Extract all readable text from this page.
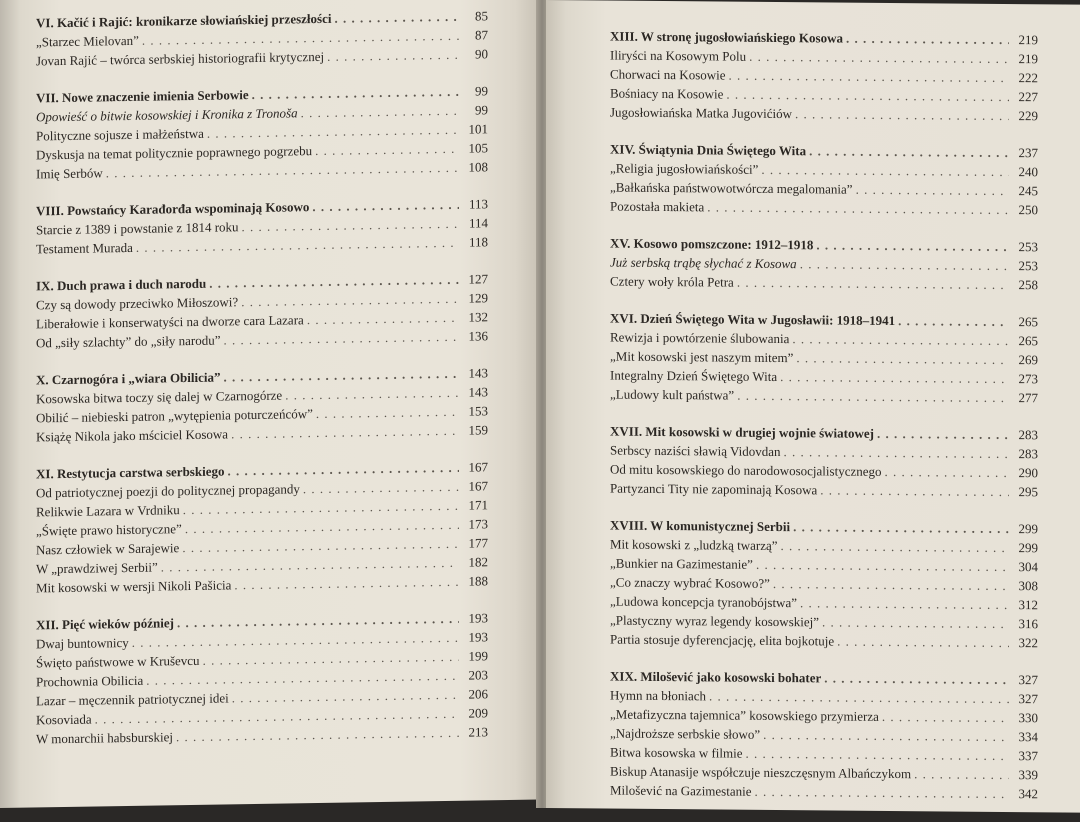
VI. Kačić i Rajić: kronikarze słowiańskiej przeszłości . . .	85
„Starzec Mielovan” . . .	87
Jovan Rajić – twórca serbskiej historiografii krytycznej . . .	90
VII. Nowe znaczenie imienia Serbowie . . .	99
Opowieść o bitwie kosowskiej i Kronika z Tronoša . . .	99
Polityczne sojusze i małżeństwa . . .	101
Dyskusja na temat politycznie poprawnego pogrzebu . . .	105
Imię Serbów . . .	108
VIII. Powstańcy Karađorđa wspominają Kosowo . . .	113
Starcie z 1389 i powstanie z 1814 roku . . .	114
Testament Murada . . .	118
IX. Duch prawa i duch narodu . . .	127
Czy są dowody przeciwko Miłoszowi? . . .	129
Liberałowie i konserwatyści na dworze cara Lazara . . .	132
Od „siły szlachty” do „siły narodu” . . .	136
X. Czarnogóra i „wiara Obilicia” . . .	143
Kosowska bitwa toczy się dalej w Czarnogórze . . .	143
Obilić – niebieski patron „wytępienia poturczeńców” . . .	153
Książę Nikola jako mściciel Kosowa . . .	159
XI. Restytucja carstwa serbskiego . . .	167
Od patriotycznej poezji do politycznej propagandy . . .	167
Relikwie Lazara w Vrdniku . . .	171
„Święte prawo historyczne” . . .	173
Nasz człowiek w Sarajewie . . .	177
W „prawdziwej Serbii” . . .	182
Mit kosowski w wersji Nikoli Pašicia . . .	188
XII. Pięć wieków później . . .	193
Dwaj buntownicy . . .	193
Święto państwowe w Kruševcu . . .	199
Prochownia Obilicia . . .	203
Lazar – męczennik patriotycznej idei . . .	206
Kosoviada . . .	209
W monarchii habsburskiej . . .	213
XIII. W stronę jugosłowiańskiego Kosowa . . .	219
Iliryści na Kosowym Polu . . .	219
Chorwaci na Kosowie . . .	222
Bośniacy na Kosowie . . .	227
Jugosłowiańska Matka Jugovićiów . . .	229
XIV. Świątynia Dnia Świętego Wita . . .	237
„Religia jugosłowiańskości” . . .	240
„Bałkańska państwowotwórcza megalomania” . . .	245
Pozostała makieta . . .	250
XV. Kosowo pomszczone: 1912–1918 . . .	253
Już serbską trąbę słychać z Kosowa . . .	253
Cztery woły króla Petra . . .	258
XVI. Dzień Świętego Wita w Jugosławii: 1918–1941 . . .	265
Rewizja i powtórzenie ślubowania . . .	265
„Mit kosowski jest naszym mitem” . . .	269
Integralny Dzień Świętego Wita . . .	273
„Ludowy kult państwa” . . .	277
XVII. Mit kosowski w drugiej wojnie światowej . . .	283
Serbscy naziści sławią Vidovdan . . .	283
Od mitu kosowskiego do narodowosocjalistycznego . . .	290
Partyzanci Tity nie zapominają Kosowa . . .	295
XVIII. W komunistycznej Serbii . . .	299
Mit kosowski z „ludzką twarzą” . . .	299
„Bunkier na Gazimestanie” . . .	304
„Co znaczy wybrać Kosowo?” . . .	308
„Ludowa koncepcja tyranobójstwa” . . .	312
„Plastyczny wyraz legendy kosowskiej” . . .	316
Partia stosuje dyferencjację, elita bojkotuje . . .	322
XIX. Milošević jako kosowski bohater . . .	327
Hymn na błoniach . . .	327
„Metafizyczna tajemnica” kosowskiego przymierza . . .	330
„Najdroższe serbskie słowo” . . .	334
Bitwa kosowska w filmie . . .	337
Biskup Atanasije współczuje nieszczęsnym Albańczykom . . .	339
Milošević na Gazimestanie . . .	342
